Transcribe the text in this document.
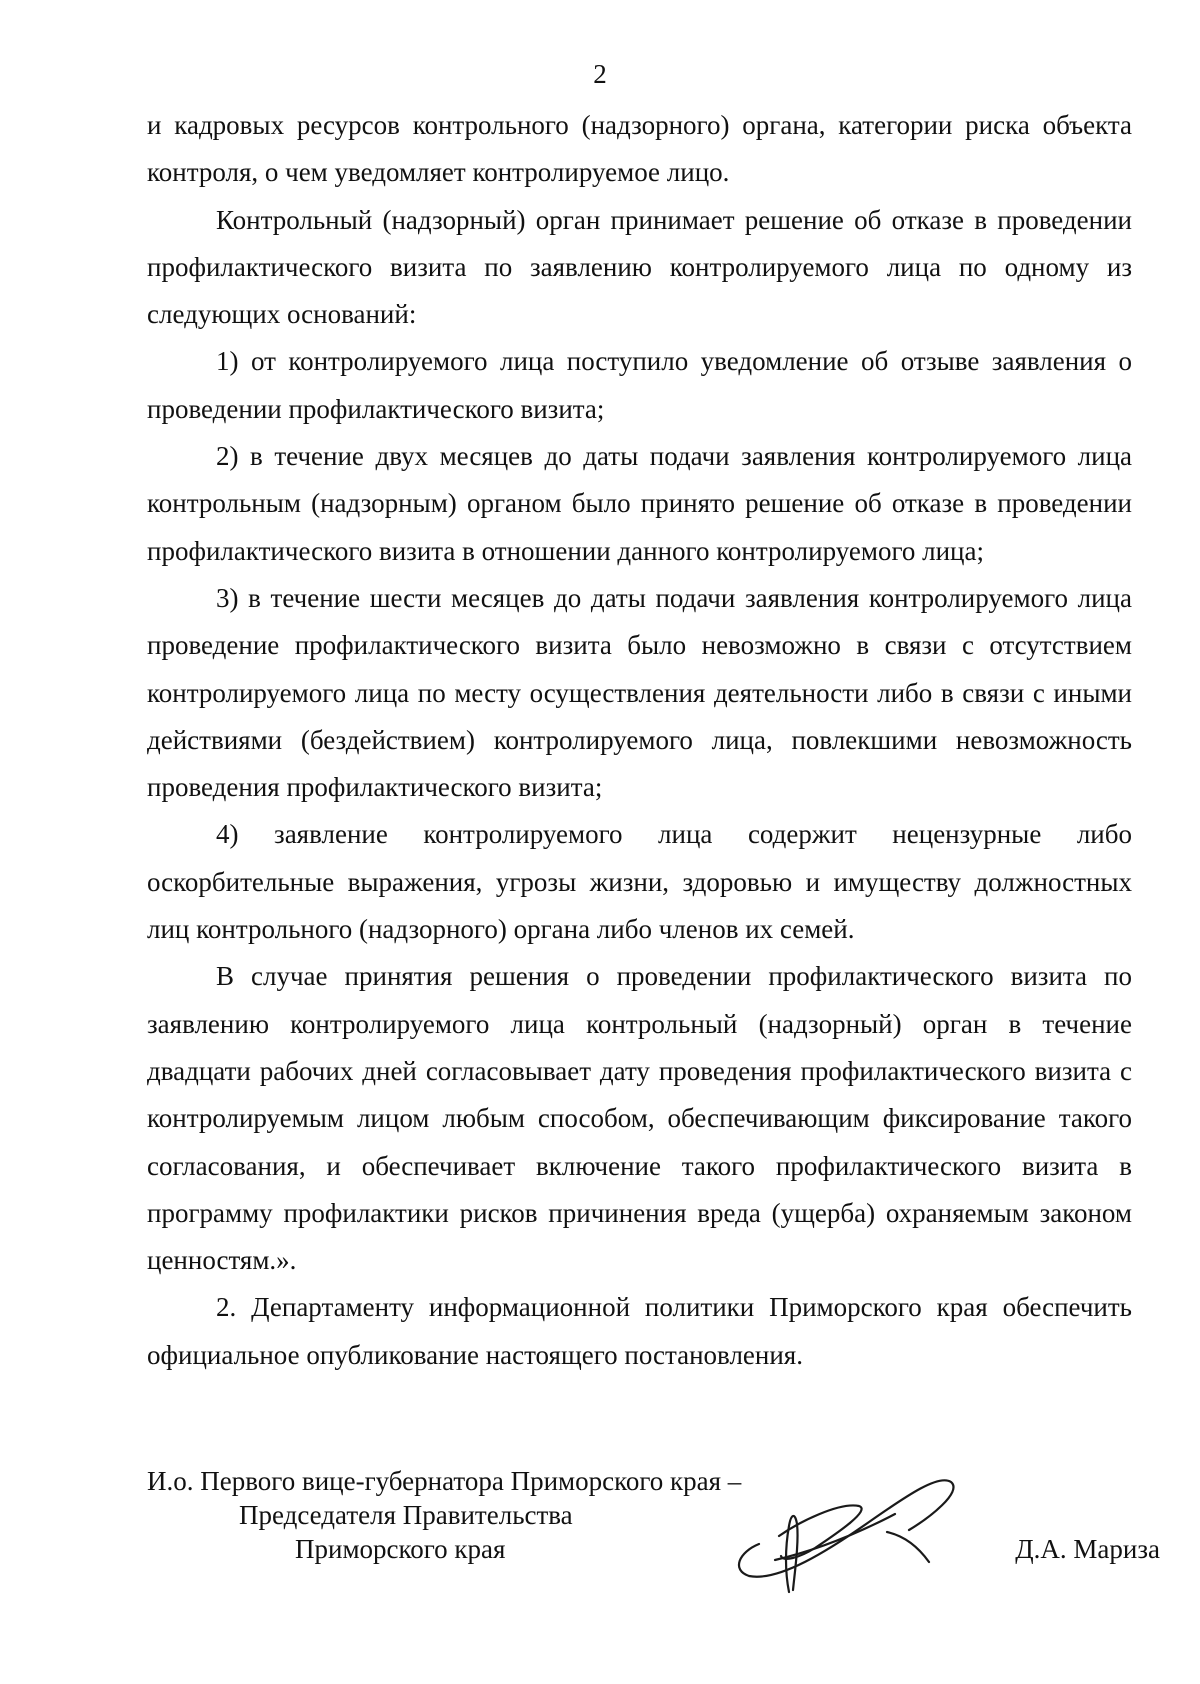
2

и кадровых ресурсов контрольного (надзорного) органа, категории риска объекта контроля, о чем уведомляет контролируемое лицо.

Контрольный (надзорный) орган принимает решение об отказе в проведении профилактического визита по заявлению контролируемого лица по одному из следующих оснований:

1) от контролируемого лица поступило уведомление об отзыве заявления о проведении профилактического визита;

2) в течение двух месяцев до даты подачи заявления контролируемого лица контрольным (надзорным) органом было принято решение об отказе в проведении профилактического визита в отношении данного контролируемого лица;

3) в течение шести месяцев до даты подачи заявления контролируемого лица проведение профилактического визита было невозможно в связи с отсутствием контролируемого лица по месту осуществления деятельности либо в связи с иными действиями (бездействием) контролируемого лица, повлекшими невозможность проведения профилактического визита;

4) заявление контролируемого лица содержит нецензурные либо оскорбительные выражения, угрозы жизни, здоровью и имуществу должностных лиц контрольного (надзорного) органа либо членов их семей.

В случае принятия решения о проведении профилактического визита по заявлению контролируемого лица контрольный (надзорный) орган в течение двадцати рабочих дней согласовывает дату проведения профилактического визита с контролируемым лицом любым способом, обеспечивающим фиксирование такого согласования, и обеспечивает включение такого профилактического визита в программу профилактики рисков причинения вреда (ущерба) охраняемым законом ценностям.».

2. Департаменту информационной политики Приморского края обеспечить официальное опубликование настоящего постановления.

И.о. Первого вице-губернатора Приморского края –
Председателя Правительства
Приморского края	Д.А. Мариза
